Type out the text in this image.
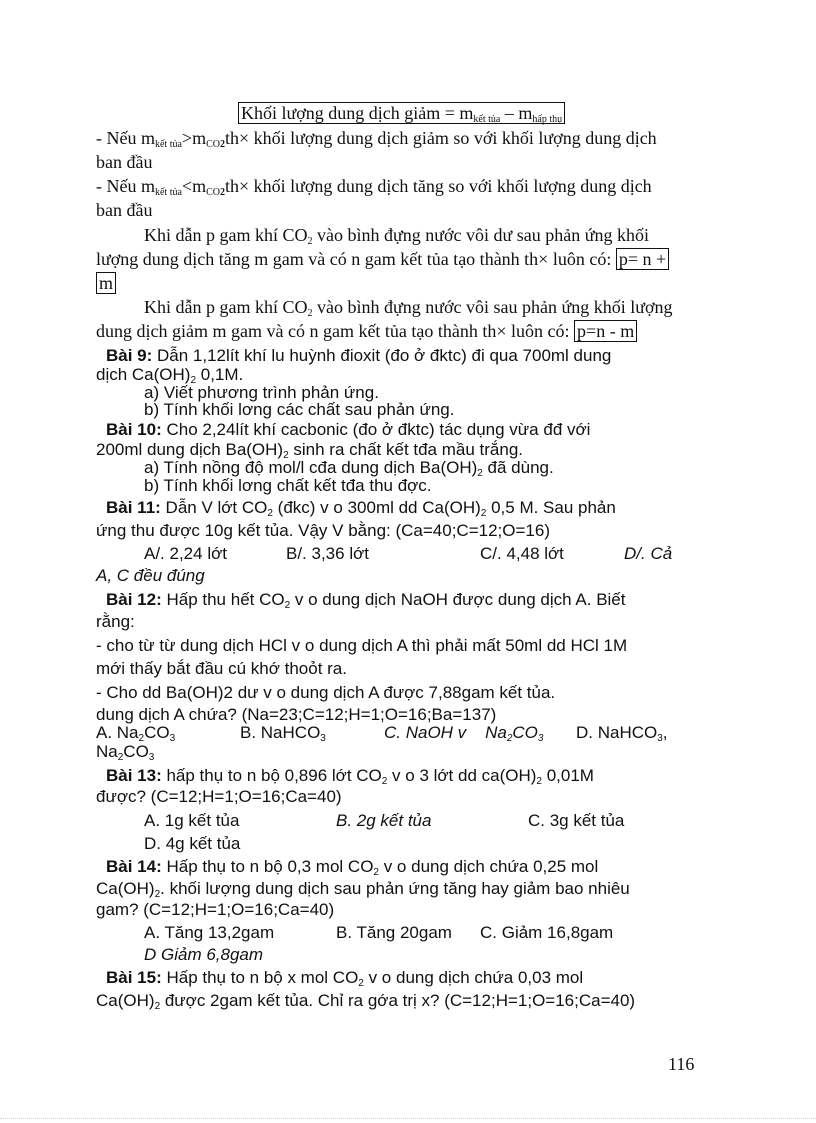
Khối lượng dung dịch giảm = $m_{kết tủa} - m_{hấp thụ}$
- Nếu $m_{kết tủa}>m_{CO2}th\times$ khối lượng dung dịch giảm so với khối lượng dung dịch
ban đầu
- Nếu $m_{kết tủa}<m_{CO2}th\times$ khối lượng dung dịch tăng so với khối lượng dung dịch
ban đầu
Khi dẫn p gam khí $CO_2$ vào bình đựng nước vôi dư sau phản ứng khối
lượng dung dịch tăng m gam và có n gam kết tủa tạo thành th× luôn có: p= n +
m
Khi dẫn p gam khí $CO_2$ vào bình đựng nước vôi sau phản ứng khối lượng
dung dịch giảm m gam và có n gam kết tủa tạo thành th× luôn có: p=n - m
Bài 9: Dẫn 1,12lít khí lu huỳnh đioxit (đo ở đktc) đi qua 700ml dung
dịch $Ca(OH)_2$ 0,1M.
a) Viết phương trình phản ứng.
b) Tính khối lơng các chất sau phản ứng.
Bài 10: Cho 2,24lít khí cacbonic (đo ở đktc) tác dụng vừa đđ với
200ml dung dịch $Ba(OH)_2$ sinh ra chất kết tđa mầu trắng.
a) Tính nồng độ mol/l cđa dung dịch $Ba(OH)_2$ đã dùng.
b) Tính khối lơng chất kết tđa thu đợc.
Bài 11: Dẫn V lớt $CO_2$ (đkc) v o 300ml dd $Ca(OH)_2$ 0,5 M. Sau phản
ứng thu được 10g kết tủa. Vậy V bằng: (Ca=40;C=12;O=16)
A/. 2,24 lớt	B/. 3,36 lớt	C/. 4,48 lớt	D/. Cả
A, C đều đúng
Bài 12: Hấp thu hết $CO_2$ v o dung dịch NaOH được dung dịch A. Biết
rằng:
- cho từ từ dung dịch HCl v o dung dịch A thì phải mất 50ml dd HCl 1M
mới thấy bắt đầu cú khớ thoỏt ra.
- Cho dd Ba(OH)2 dư v o dung dịch A được 7,88gam kết tủa.
dung dịch A chứa? (Na=23;C=12;H=1;O=16;Ba=137)
A. $Na_2CO_3$	B. NaHCO$_3$	C. NaOH v $Na_2CO_3$ D. NaHCO$_3$,
$Na_2CO_3$
Bài 13: hấp thụ to n bộ 0,896 lớt $CO_2$ v o 3 lớt dd $ca(OH)_2$ 0,01M
được? (C=12;H=1;O=16;Ca=40)
A. 1g kết tủa	B. 2g kết tủa	C. 3g kết tủa
D. 4g kết tủa
Bài 14: Hấp thụ to n bộ 0,3 mol $CO_2$ v o dung dịch chứa 0,25 mol
$Ca(OH)_2$. khối lượng dung dịch sau phản ứng tăng hay giảm bao nhiêu
gam? (C=12;H=1;O=16;Ca=40)
A. Tăng 13,2gam	B. Tăng 20gam C. Giảm 16,8gam
D Giảm 6,8gam
Bài 15: Hấp thụ to n bộ x mol $CO_2$ v o dung dịch chứa 0,03 mol
$Ca(OH)_2$ được 2gam kết tủa. Chỉ ra gớa trị x? (C=12;H=1;O=16;Ca=40)
116
